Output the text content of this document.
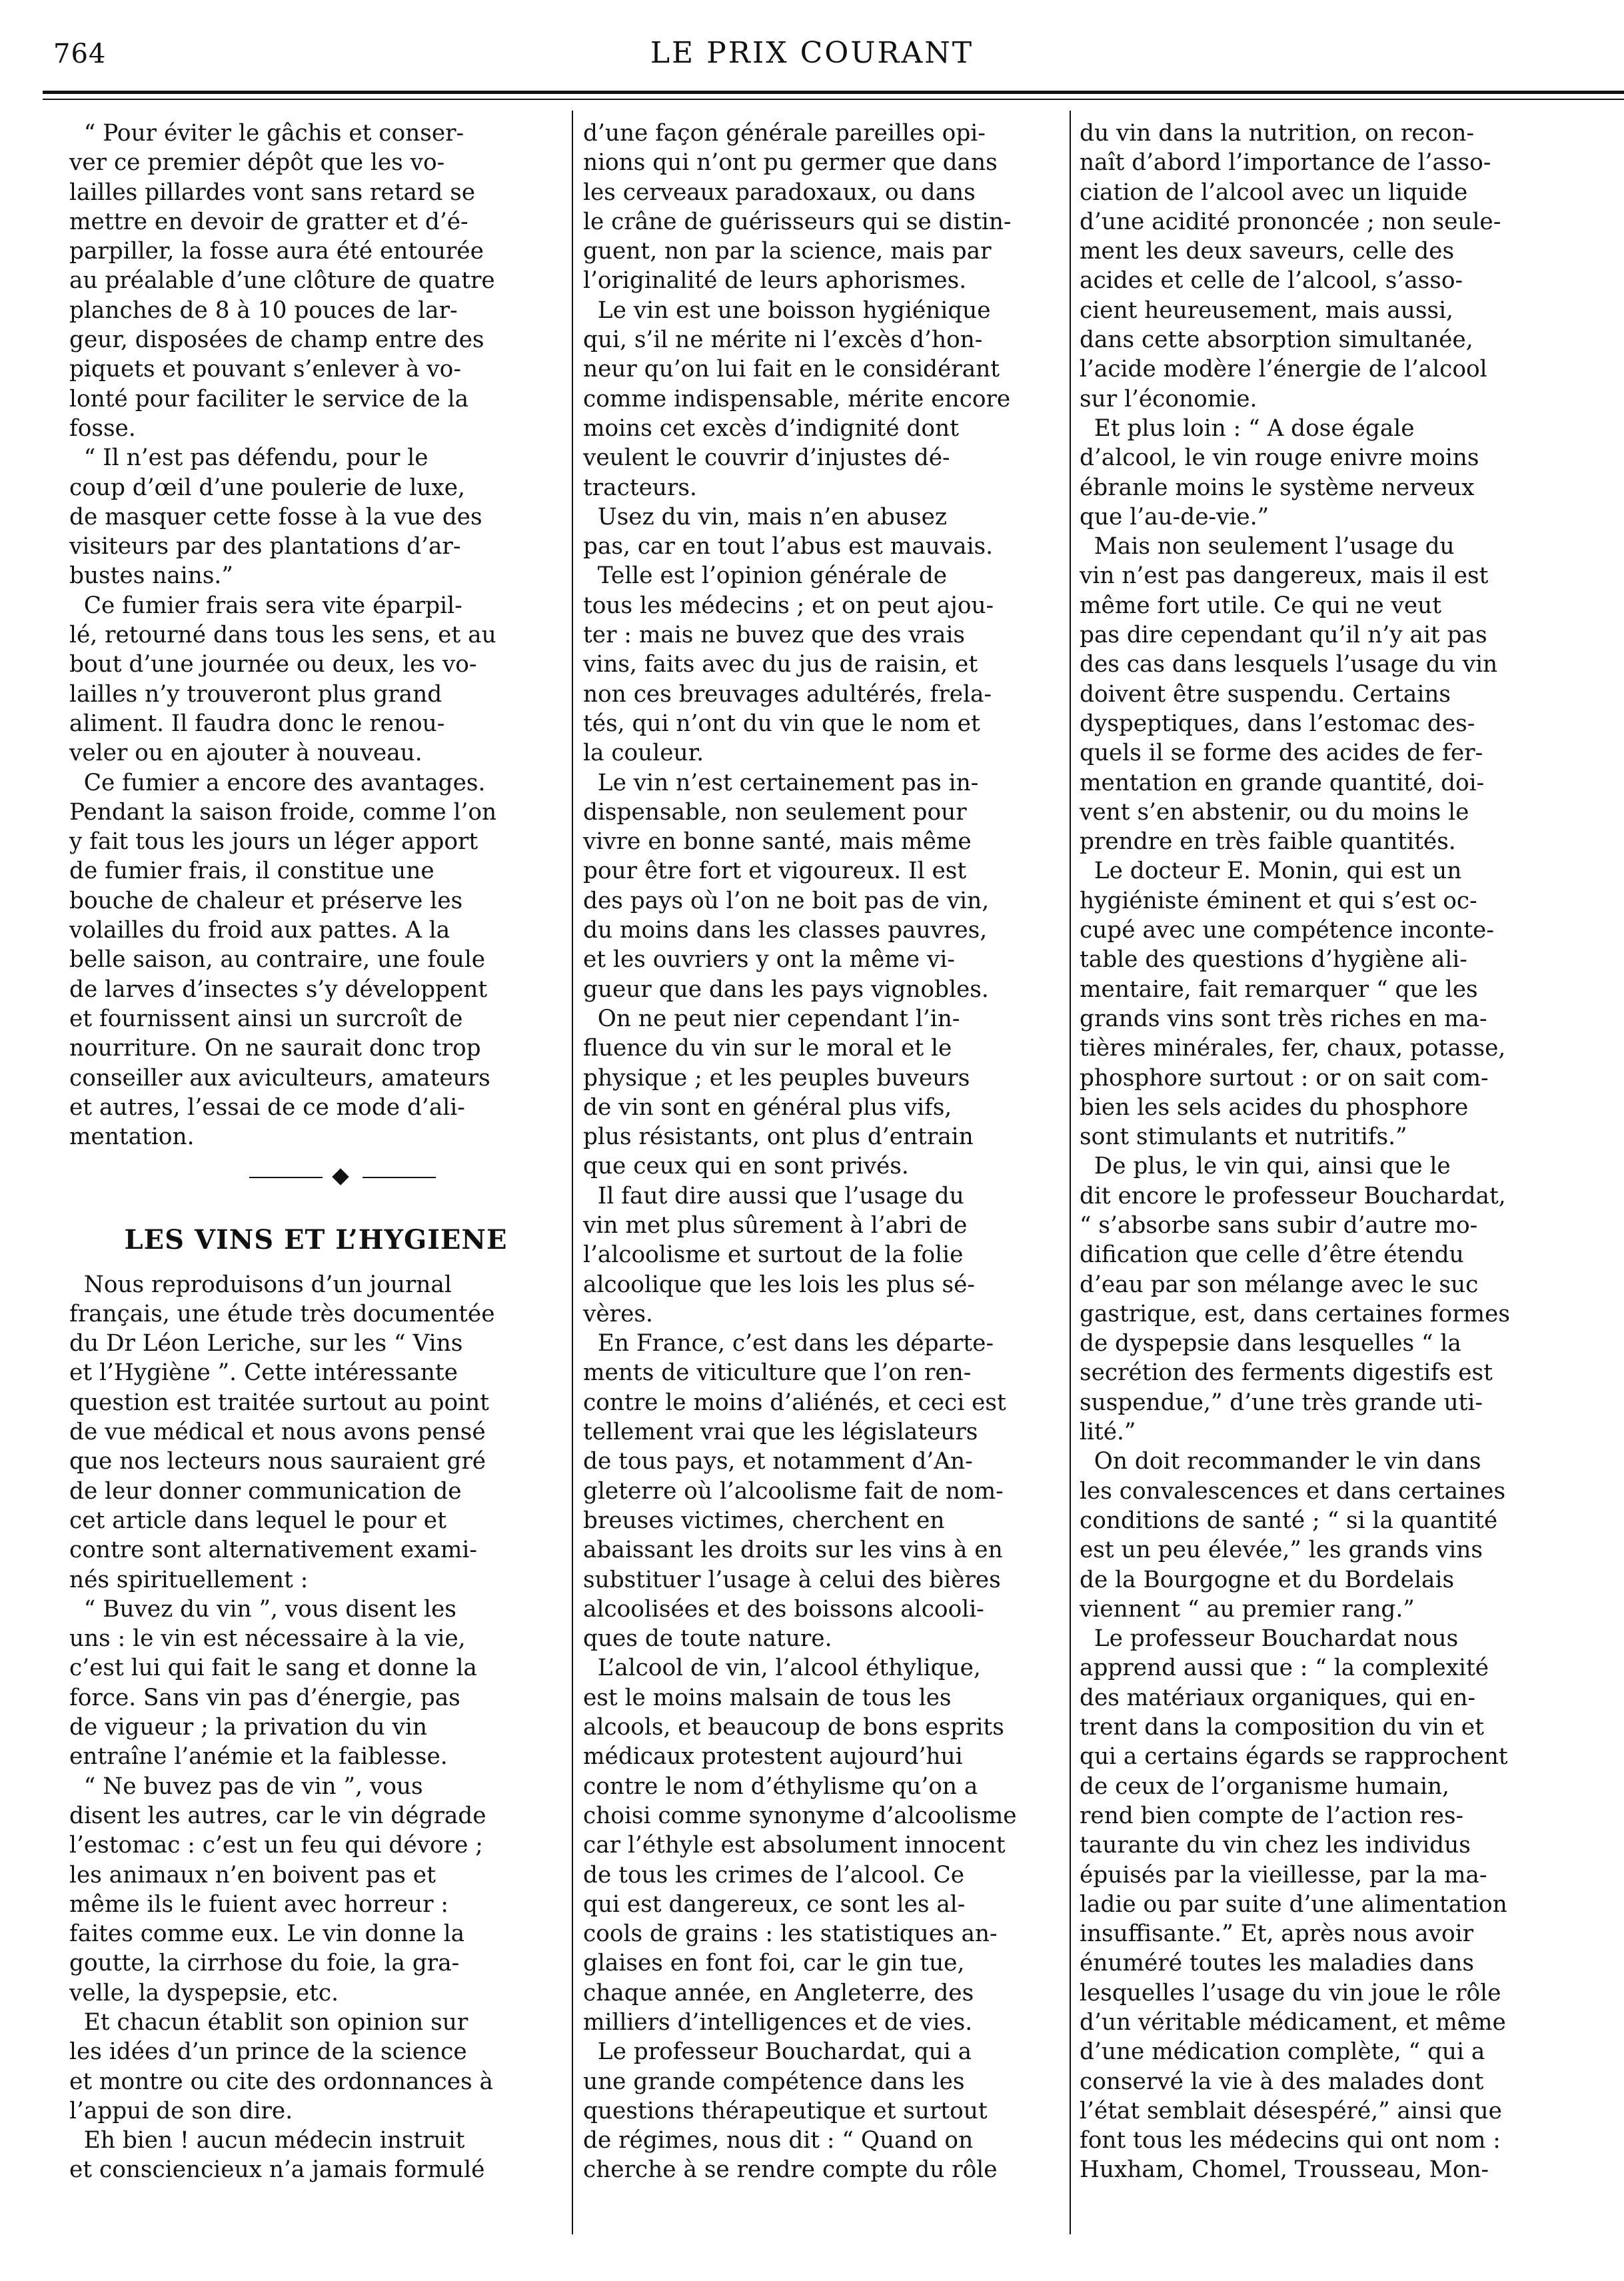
764	LE PRIX COURANT
“ Pour éviter le gâchis et conser-
ver ce premier dépôt que les vo-
lailles pillardes vont sans retard se
mettre en devoir de gratter et d’é-
parpiller, la fosse aura été entourée
au préalable d’une clôture de quatre
planches de 8 à 10 pouces de lar-
geur, disposées de champ entre des
piquets et pouvant s’enlever à vo-
lonté pour faciliter le service de la
fosse.
“ Il n’est pas défendu, pour le
coup d’œil d’une poulerie de luxe,
de masquer cette fosse à la vue des
visiteurs par des plantations d’ar-
bustes nains.”
Ce fumier frais sera vite éparpil-
lé, retourné dans tous les sens, et au
bout d’une journée ou deux, les vo-
lailles n’y trouveront plus grand
aliment. Il faudra donc le renou-
veler ou en ajouter à nouveau.
Ce fumier a encore des avantages.
Pendant la saison froide, comme l’on
y fait tous les jours un léger apport
de fumier frais, il constitue une
bouche de chaleur et préserve les
volailles du froid aux pattes. A la
belle saison, au contraire, une foule
de larves d’insectes s’y développent
et fournissent ainsi un surcroît de
nourriture. On ne saurait donc trop
conseiller aux aviculteurs, amateurs
et autres, l’essai de ce mode d’ali-
mentation.
LES VINS ET L’HYGIENE
Nous reproduisons d’un journal
français, une étude très documentée
du Dr Léon Leriche, sur les “ Vins
et l’Hygiène ”. Cette intéressante
question est traitée surtout au point
de vue médical et nous avons pensé
que nos lecteurs nous sauraient gré
de leur donner communication de
cet article dans lequel le pour et
contre sont alternativement exami-
nés spirituellement :
“ Buvez du vin ”, vous disent les
uns : le vin est nécessaire à la vie,
c’est lui qui fait le sang et donne la
force. Sans vin pas d’énergie, pas
de vigueur ; la privation du vin
entraîne l’anémie et la faiblesse.
“ Ne buvez pas de vin ”, vous
disent les autres, car le vin dégrade
l’estomac : c’est un feu qui dévore ;
les animaux n’en boivent pas et
même ils le fuient avec horreur :
faites comme eux. Le vin donne la
goutte, la cirrhose du foie, la gra-
velle, la dyspepsie, etc.
Et chacun établit son opinion sur
les idées d’un prince de la science
et montre ou cite des ordonnances à
l’appui de son dire.
Eh bien ! aucun médecin instruit
et consciencieux n’a jamais formulé
d’une façon générale pareilles opi-
nions qui n’ont pu germer que dans
les cerveaux paradoxaux, ou dans
le crâne de guérisseurs qui se distin-
guent, non par la science, mais par
l’originalité de leurs aphorismes.
Le vin est une boisson hygiénique
qui, s’il ne mérite ni l’excès d’hon-
neur qu’on lui fait en le considérant
comme indispensable, mérite encore
moins cet excès d’indignité dont
veulent le couvrir d’injustes dé-
tracteurs.
Usez du vin, mais n’en abusez
pas, car en tout l’abus est mauvais.
Telle est l’opinion générale de
tous les médecins ; et on peut ajou-
ter : mais ne buvez que des vrais
vins, faits avec du jus de raisin, et
non ces breuvages adultérés, frela-
tés, qui n’ont du vin que le nom et
la couleur.
Le vin n’est certainement pas in-
dispensable, non seulement pour
vivre en bonne santé, mais même
pour être fort et vigoureux. Il est
des pays où l’on ne boit pas de vin,
du moins dans les classes pauvres,
et les ouvriers y ont la même vi-
gueur que dans les pays vignobles.
On ne peut nier cependant l’in-
fluence du vin sur le moral et le
physique ; et les peuples buveurs
de vin sont en général plus vifs,
plus résistants, ont plus d’entrain
que ceux qui en sont privés.
Il faut dire aussi que l’usage du
vin met plus sûrement à l’abri de
l’alcoolisme et surtout de la folie
alcoolique que les lois les plus sé-
vères.
En France, c’est dans les départe-
ments de viticulture que l’on ren-
contre le moins d’aliénés, et ceci est
tellement vrai que les législateurs
de tous pays, et notamment d’An-
gleterre où l’alcoolisme fait de nom-
breuses victimes, cherchent en
abaissant les droits sur les vins à en
substituer l’usage à celui des bières
alcoolisées et des boissons alcooli-
ques de toute nature.
L’alcool de vin, l’alcool éthylique,
est le moins malsain de tous les
alcools, et beaucoup de bons esprits
médicaux protestent aujourd’hui
contre le nom d’éthylisme qu’on a
choisi comme synonyme d’alcoolisme
car l’éthyle est absolument innocent
de tous les crimes de l’alcool. Ce
qui est dangereux, ce sont les al-
cools de grains : les statistiques an-
glaises en font foi, car le gin tue,
chaque année, en Angleterre, des
milliers d’intelligences et de vies.
Le professeur Bouchardat, qui a
une grande compétence dans les
questions thérapeutique et surtout
de régimes, nous dit : “ Quand on
cherche à se rendre compte du rôle
du vin dans la nutrition, on recon-
naît d’abord l’importance de l’asso-
ciation de l’alcool avec un liquide
d’une acidité prononcée ; non seule-
ment les deux saveurs, celle des
acides et celle de l’alcool, s’asso-
cient heureusement, mais aussi,
dans cette absorption simultanée,
l’acide modère l’énergie de l’alcool
sur l’économie.
Et plus loin : “ A dose égale
d’alcool, le vin rouge enivre moins
ébranle moins le système nerveux
que l’au-de-vie.”
Mais non seulement l’usage du
vin n’est pas dangereux, mais il est
même fort utile. Ce qui ne veut
pas dire cependant qu’il n’y ait pas
des cas dans lesquels l’usage du vin
doivent être suspendu. Certains
dyspeptiques, dans l’estomac des-
quels il se forme des acides de fer-
mentation en grande quantité, doi-
vent s’en abstenir, ou du moins le
prendre en très faible quantités.
Le docteur E. Monin, qui est un
hygiéniste éminent et qui s’est oc-
cupé avec une compétence inconte-
table des questions d’hygiène ali-
mentaire, fait remarquer “ que les
grands vins sont très riches en ma-
tières minérales, fer, chaux, potasse,
phosphore surtout : or on sait com-
bien les sels acides du phosphore
sont stimulants et nutritifs.”
De plus, le vin qui, ainsi que le
dit encore le professeur Bouchardat,
“ s’absorbe sans subir d’autre mo-
dification que celle d’être étendu
d’eau par son mélange avec le suc
gastrique, est, dans certaines formes
de dyspepsie dans lesquelles “ la
secrétion des ferments digestifs est
suspendue,” d’une très grande uti-
lité.”
On doit recommander le vin dans
les convalescences et dans certaines
conditions de santé ; “ si la quantité
est un peu élevée,” les grands vins
de la Bourgogne et du Bordelais
viennent “ au premier rang.”
Le professeur Bouchardat nous
apprend aussi que : “ la complexité
des matériaux organiques, qui en-
trent dans la composition du vin et
qui a certains égards se rapprochent
de ceux de l’organisme humain,
rend bien compte de l’action res-
taurante du vin chez les individus
épuisés par la vieillesse, par la ma-
ladie ou par suite d’une alimentation
insuffisante.” Et, après nous avoir
énuméré toutes les maladies dans
lesquelles l’usage du vin joue le rôle
d’un véritable médicament, et même
d’une médication complète, “ qui a
conservé la vie à des malades dont
l’état semblait désespéré,” ainsi que
font tous les médecins qui ont nom :
Huxham, Chomel, Trousseau, Mon-
